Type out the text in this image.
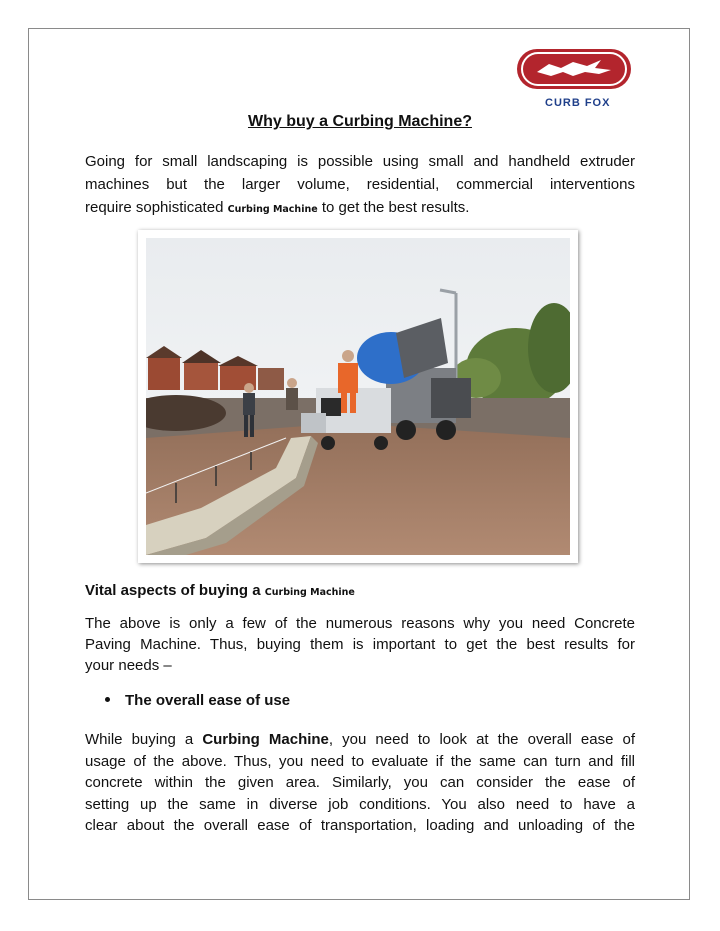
CURB FOX
Why buy a Curbing Machine?
Going for small landscaping is possible using small and handheld extruder
machines but the larger volume, residential, commercial interventions
require sophisticated Curbing Machine to get the best results.
Vital aspects of buying a Curbing Machine
The above is only a few of the numerous reasons why you need Concrete
Paving Machine. Thus, buying them is important to get the best results for
your needs –
The overall ease of use
While buying a Curbing Machine, you need to look at the overall ease of
usage of the above. Thus, you need to evaluate if the same can turn and fill
concrete within the given area. Similarly, you can consider the ease of
setting up the same in diverse job conditions. You also need to have a
clear about the overall ease of transportation, loading and unloading of the
